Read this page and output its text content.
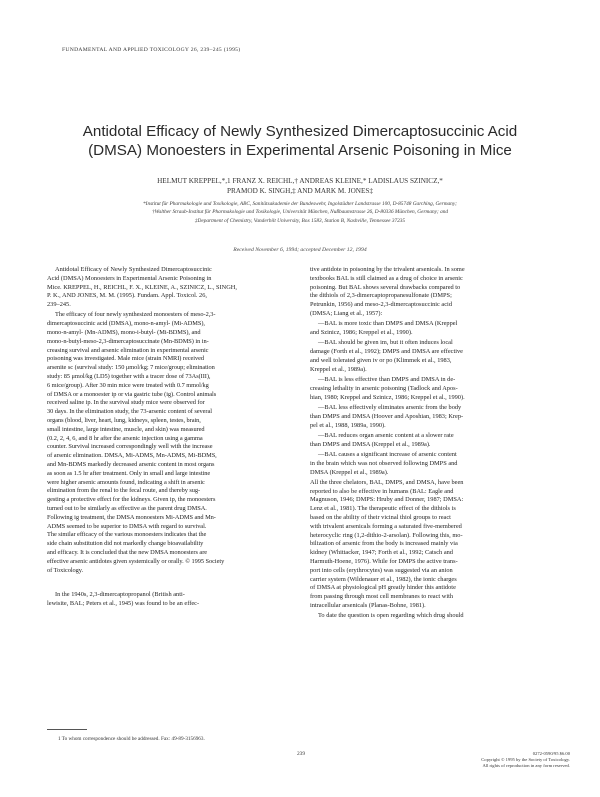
FUNDAMENTAL AND APPLIED TOXICOLOGY 26, 239–245 (1995)
Antidotal Efficacy of Newly Synthesized Dimercaptosuccinic Acid
(DMSA) Monoesters in Experimental Arsenic Poisoning in Mice
HELMUT KREPPEL,*,1 FRANZ X. REICHL,† ANDREAS KLEINE,* LADISLAUS SZINICZ,*
PRAMOD K. SINGH,‡ AND MARK M. JONES‡
*Institut für Pharmakologie und Toxikologie, ABC, Sanitätsakademie der Bundeswehr, Ingolstädter Landstrasse 100, D-85748 Garching, Germany;
†Walther Straub-Institut für Pharmakologie und Toxikologie, Universität München, Nußbaumstrasse 26, D-80336 München, Germany; and
‡Department of Chemistry, Vanderbilt University, Box 1583, Station B, Nashville, Tennessee 37235
Received November 6, 1994; accepted December 12, 1994
Antidotal Efficacy of Newly Synthesized Dimercaptosuccinic
Acid (DMSA) Monoesters in Experimental Arsenic Poisoning in
Mice. KREPPEL, H., REICHL, F. X., KLEINE, A., SZINICZ, L., SINGH,
P. K., AND JONES, M. M. (1995). Fundam. Appl. Toxicol. 26,
239–245.
The efficacy of four newly synthesized monoesters of meso-2,3-
dimercaptosuccinic acid (DMSA), mono-n-amyl- (Mi-ADMS),
mono-n-amyl- (Mn-ADMS), mono-i-butyl- (Mi-BDMS), and
mono-n-butyl-meso-2,3-dimercaptosuccinate (Mn-BDMS) in in-
creasing survival and arsenic elimination in experimental arsenic
poisoning was investigated. Male mice (strain NMRI) received
arsenite sc (survival study: 150 μmol/kg; 7 mice/group; elimination
study: 85 μmol/kg (LD5) together with a tracer dose of 73As(III),
6 mice/group). After 30 min mice were treated with 0.7 mmol/kg
of DMSA or a monoester ip or via gastric tube (ig). Control animals
received saline ip. In the survival study mice were observed for
30 days. In the elimination study, the 73-arsenic content of several
organs (blood, liver, heart, lung, kidneys, spleen, testes, brain,
small intestine, large intestine, muscle, and skin) was measured
(0.2, 2, 4, 6, and 8 hr after the arsenic injection using a gamma
counter. Survival increased correspondingly well with the increase
of arsenic elimination. DMSA, Mi-ADMS, Mn-ADMS, Mi-BDMS,
and Mn-BDMS markedly decreased arsenic content in most organs
as soon as 1.5 hr after treatment. Only in small and large intestine
were higher arsenic amounts found, indicating a shift in arsenic
elimination from the renal to the fecal route, and thereby sug-
gesting a protective effect for the kidneys. Given ip, the monoesters
turned out to be similarly as effective as the parent drug DMSA.
Following ig treatment, the DMSA monoesters Mi-ADMS and Mn-
ADMS seemed to be superior to DMSA with regard to survival.
The similar efficacy of the various monoesters indicates that the
side chain substitution did not markedly change bioavailability
and efficacy. It is concluded that the new DMSA monoesters are
effective arsenic antidotes given systemically or orally. © 1995 Society
of Toxicology.
In the 1940s, 2,3-dimercaptopropanol (British anti-
lewisite, BAL; Peters et al., 1945) was found to be an effec-
tive antidote in poisoning by the trivalent arsenicals. In some
textbooks BAL is still claimed as a drug of choice in arsenic
poisoning. But BAL shows several drawbacks compared to
the dithiols of 2,3-dimercaptopropanesulfonate (DMPS;
Petrunkin, 1956) and meso-2,3-dimercaptosuccinic acid
(DMSA; Liang et al., 1957):
—BAL is more toxic than DMPS and DMSA (Kreppel
and Szinicz, 1986; Kreppel et al., 1990).
—BAL should be given im, but it often induces local
damage (Forth et al., 1992); DMPS and DMSA are effective
and well tolerated given iv or po (Klimmek et al., 1983,
Kreppel et al., 1989a).
—BAL is less effective than DMPS and DMSA in de-
creasing lethality in arsenic poisoning (Tadlock and Apos-
hian, 1980; Kreppel and Szinicz, 1986; Kreppel et al., 1990).
—BAL less effectively eliminates arsenic from the body
than DMPS and DMSA (Hoover and Aposhian, 1983; Krep-
pel et al., 1988, 1989a, 1990).
—BAL reduces organ arsenic content at a slower rate
than DMPS and DMSA (Kreppel et al., 1989a).
—BAL causes a significant increase of arsenic content
in the brain which was not observed following DMPS and
DMSA (Kreppel et al., 1989a).
All the three chelators, BAL, DMPS, and DMSA, have been
reported to also be effective in humans (BAL: Eagle and
Magnuson, 1946; DMPS: Hruby and Donner, 1987; DMSA:
Lenz et al., 1981). The therapeutic effect of the dithiols is
based on the ability of their vicinal thiol groups to react
with trivalent arsenicals forming a saturated five-membered
heterocyclic ring (1,2-dithio-2-arsolan). Following this, mo-
bilization of arsenic from the body is increased mainly via
kidney (Whittacker, 1947; Forth et al., 1992; Catsch and
Harmuth-Hoene, 1976). While for DMPS the active trans-
port into cells (erythrocytes) was suggested via an anion
carrier system (Wildenauer et al., 1982), the ionic charges
of DMSA at physiological pH greatly hinder this antidote
from passing through most cell membranes to react with
intracellular arsenicals (Planas-Bohne, 1981).
To date the question is open regarding which drug should
1 To whom correspondence should be addressed. Fax: 49-89-3156963.
239	0272-0590/95 $6.00
Copyright © 1995 by the Society of Toxicology.
All rights of reproduction in any form reserved.
